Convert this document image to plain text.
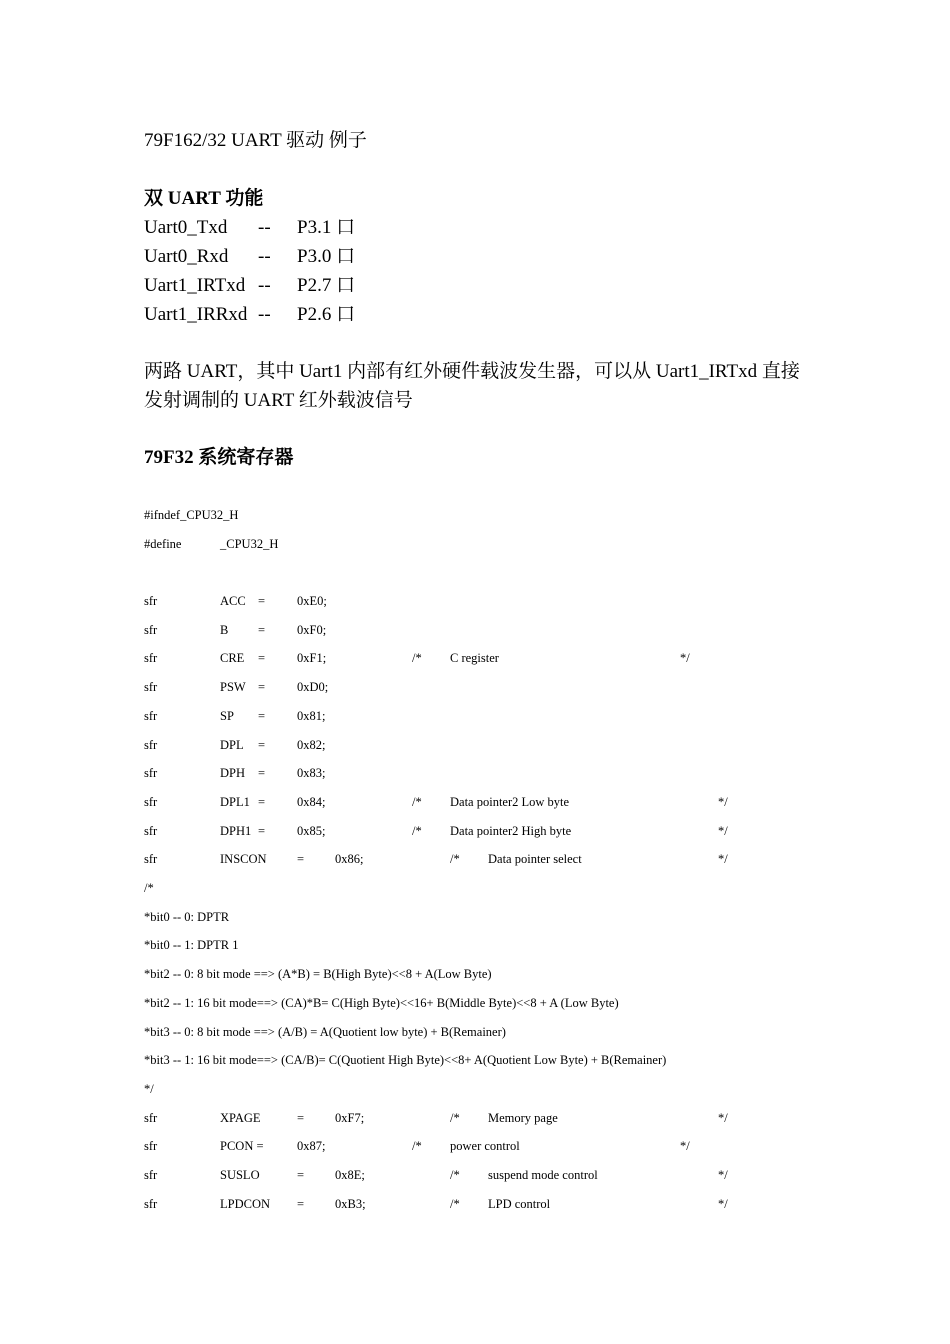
79F162/32 UART 驱动 例子
双 UART 功能
Uart0_Txd -- P3.1 口
Uart0_Rxd -- P3.0 口
Uart1_IRTxd -- P2.7 口
Uart1_IRRxd -- P2.6 口
两路 UART，其中 Uart1 内部有红外硬件载波发生器，可以从 Uart1_IRTxd 直接发射调制的 UART 红外载波信号
79F32 系统寄存器
#ifndef_CPU32_H
#define	_CPU32_H
sfr	ACC =	0xE0;
sfr	B =	0xF0;
sfr	CRE =	0xF1;	/* C register	*/
sfr	PSW =	0xD0;
sfr	SP =	0x81;
sfr	DPL =	0x82;
sfr	DPH =	0x83;
sfr	DPL1 =	0x84;	/* Data pointer2 Low byte	*/
sfr	DPH1 =	0x85;	/* Data pointer2 High byte	*/
sfr	INSCON = 0x86;	/* Data pointer select	*/
/*
*bit0 -- 0: DPTR
*bit0 -- 1: DPTR 1
*bit2 -- 0: 8 bit mode ==> (A*B) = B(High Byte)<<8 + A(Low Byte)
*bit2 -- 1: 16 bit mode==> (CA)*B= C(High Byte)<<16+ B(Middle Byte)<<8 + A (Low Byte)
*bit3 -- 0: 8 bit mode ==> (A/B) = A(Quotient low byte) + B(Remainer)
*bit3 -- 1: 16 bit mode==> (CA/B)= C(Quotient High Byte)<<8+ A(Quotient Low Byte) + B(Remainer)
*/
sfr	XPAGE	= 0xF7;	/* Memory page	*/
sfr	PCON =	0x87;	/* power control	*/
sfr	SUSLO	= 0x8E;	/* suspend mode control	*/
sfr	LPDCON = 0xB3;	/* LPD control	*/
